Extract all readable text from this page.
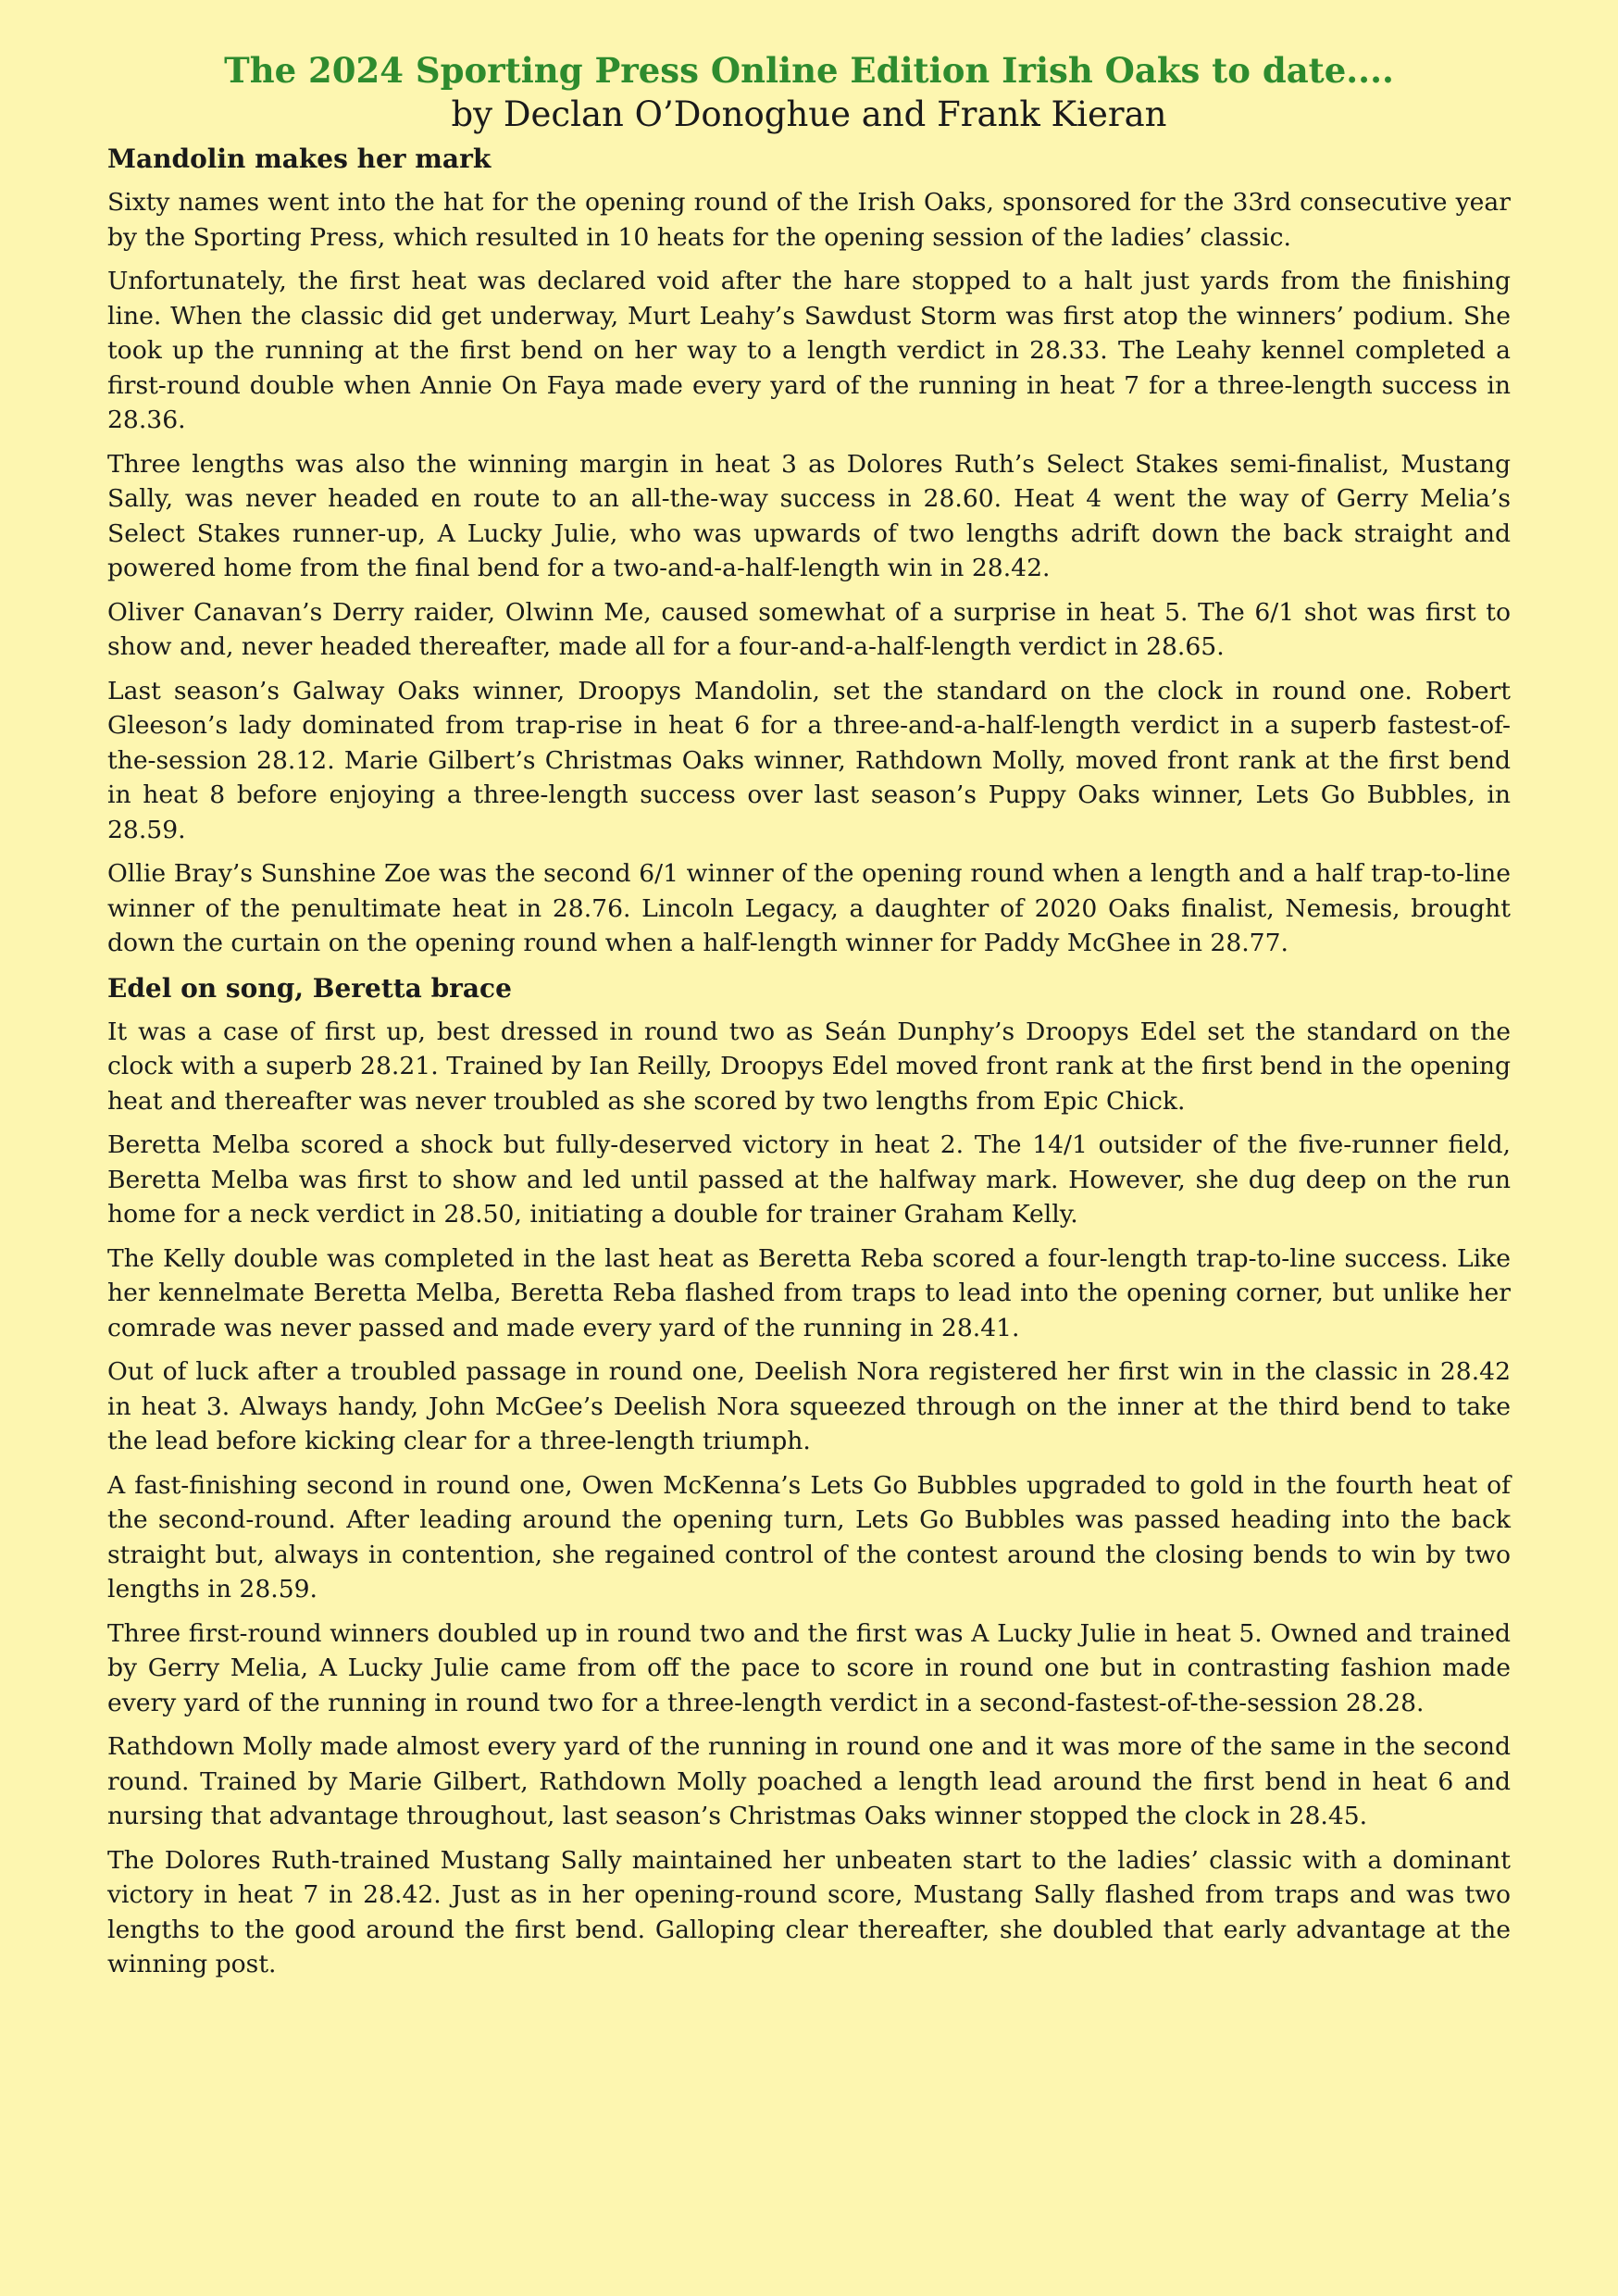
The 2024 Sporting Press Online Edition Irish Oaks to date....
by Declan O’Donoghue and Frank Kieran
Mandolin makes her mark

Sixty names went into the hat for the opening round of the Irish Oaks, sponsored for the 33rd consecutive year by the Sporting Press, which resulted in 10 heats for the opening session of the ladies’ classic.

Unfortunately, the first heat was declared void after the hare stopped to a halt just yards from the finishing line. When the classic did get underway, Murt Leahy’s Sawdust Storm was first atop the winners’ podium. She took up the running at the first bend on her way to a length verdict in 28.33. The Leahy kennel completed a first-round double when Annie On Faya made every yard of the running in heat 7 for a three-length success in 28.36.

Three lengths was also the winning margin in heat 3 as Dolores Ruth’s Select Stakes semi-finalist, Mustang Sally, was never headed en route to an all-the-way success in 28.60. Heat 4 went the way of Gerry Melia’s Select Stakes runner-up, A Lucky Julie, who was upwards of two lengths adrift down the back straight and powered home from the final bend for a two-and-a-half-length win in 28.42.

Oliver Canavan’s Derry raider, Olwinn Me, caused somewhat of a surprise in heat 5. The 6/1 shot was first to show and, never headed thereafter, made all for a four-and-a-half-length verdict in 28.65.

Last season’s Galway Oaks winner, Droopys Mandolin, set the standard on the clock in round one. Robert Gleeson’s lady dominated from trap-rise in heat 6 for a three-and-a-half-length verdict in a superb fastest-of-the-session 28.12. Marie Gilbert’s Christmas Oaks winner, Rathdown Molly, moved front rank at the first bend in heat 8 before enjoying a three-length success over last season’s Puppy Oaks winner, Lets Go Bubbles, in 28.59.

Ollie Bray’s Sunshine Zoe was the second 6/1 winner of the opening round when a length and a half trap-to-line winner of the penultimate heat in 28.76. Lincoln Legacy, a daughter of 2020 Oaks finalist, Nemesis, brought down the curtain on the opening round when a half-length winner for Paddy McGhee in 28.77.

Edel on song, Beretta brace

It was a case of first up, best dressed in round two as Seán Dunphy’s Droopys Edel set the standard on the clock with a superb 28.21. Trained by Ian Reilly, Droopys Edel moved front rank at the first bend in the opening heat and thereafter was never troubled as she scored by two lengths from Epic Chick.

Beretta Melba scored a shock but fully-deserved victory in heat 2. The 14/1 outsider of the five-runner field, Beretta Melba was first to show and led until passed at the halfway mark. However, she dug deep on the run home for a neck verdict in 28.50, initiating a double for trainer Graham Kelly.

The Kelly double was completed in the last heat as Beretta Reba scored a four-length trap-to-line success. Like her kennelmate Beretta Melba, Beretta Reba flashed from traps to lead into the opening corner, but unlike her comrade was never passed and made every yard of the running in 28.41.

Out of luck after a troubled passage in round one, Deelish Nora registered her first win in the classic in 28.42 in heat 3. Always handy, John McGee’s Deelish Nora squeezed through on the inner at the third bend to take the lead before kicking clear for a three-length triumph.

A fast-finishing second in round one, Owen McKenna’s Lets Go Bubbles upgraded to gold in the fourth heat of the second-round. After leading around the opening turn, Lets Go Bubbles was passed heading into the back straight but, always in contention, she regained control of the contest around the closing bends to win by two lengths in 28.59.

Three first-round winners doubled up in round two and the first was A Lucky Julie in heat 5. Owned and trained by Gerry Melia, A Lucky Julie came from off the pace to score in round one but in contrasting fashion made every yard of the running in round two for a three-length verdict in a second-fastest-of-the-session 28.28.

Rathdown Molly made almost every yard of the running in round one and it was more of the same in the second round. Trained by Marie Gilbert, Rathdown Molly poached a length lead around the first bend in heat 6 and nursing that advantage throughout, last season’s Christmas Oaks winner stopped the clock in 28.45.

The Dolores Ruth-trained Mustang Sally maintained her unbeaten start to the ladies’ classic with a dominant victory in heat 7 in 28.42. Just as in her opening-round score, Mustang Sally flashed from traps and was two lengths to the good around the first bend. Galloping clear thereafter, she doubled that early advantage at the winning post.
